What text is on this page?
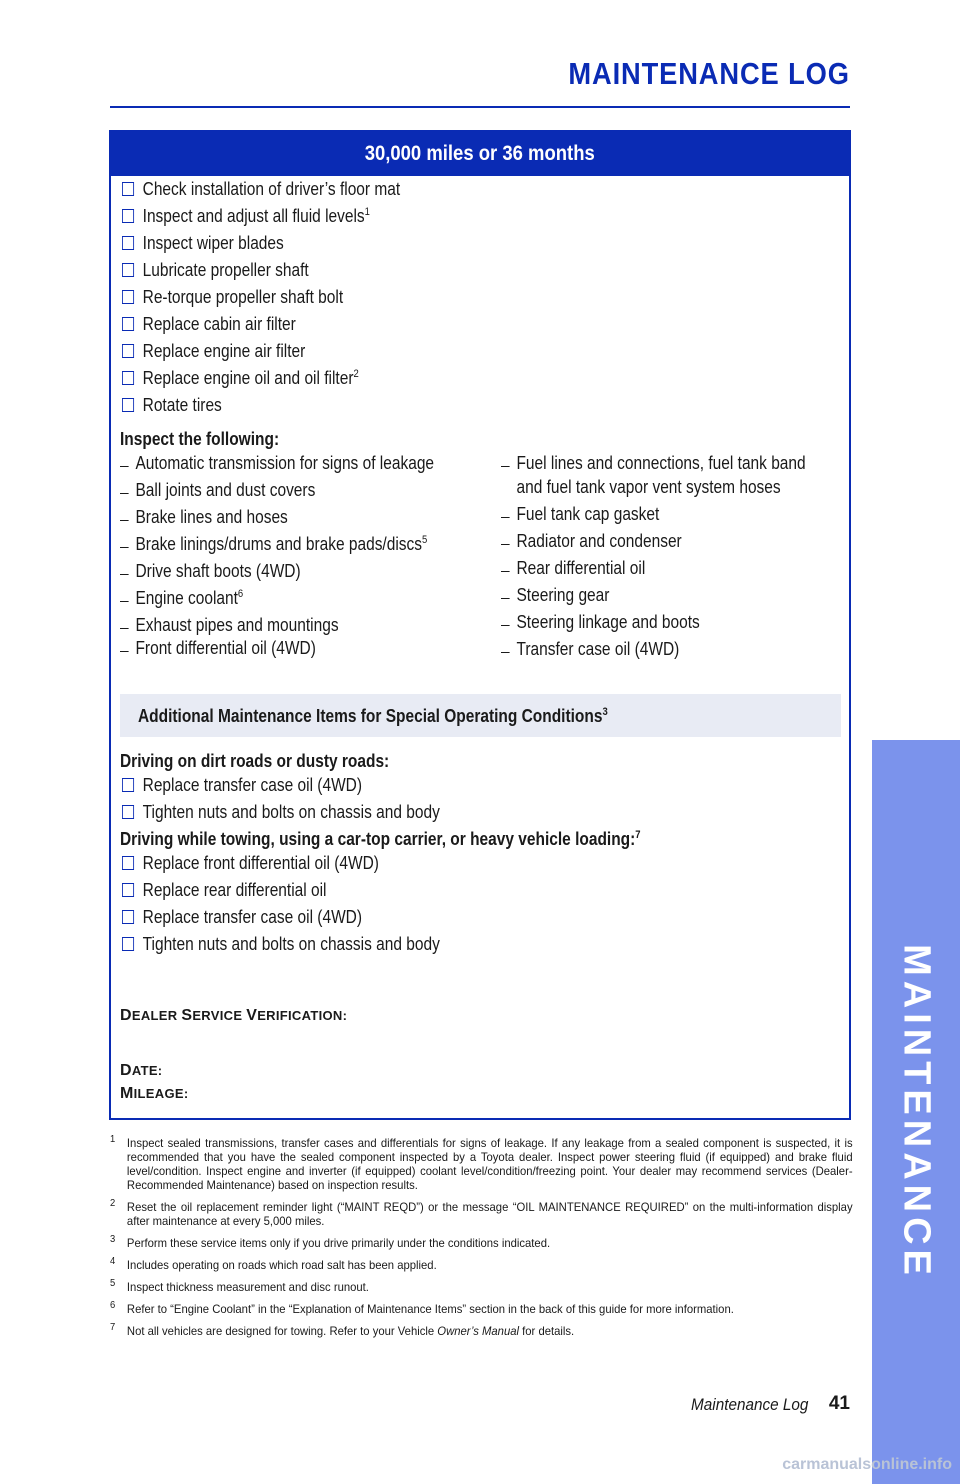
MAINTENANCE LOG
30,000 miles or 36 months
Check installation of driver’s floor mat
Inspect and adjust all fluid levels$^1$
Inspect wiper blades
Lubricate propeller shaft
Re-torque propeller shaft bolt
Replace cabin air filter
Replace engine air filter
Replace engine oil and oil filter$^2$
Rotate tires
Inspect the following:
Automatic transmission for signs of leakage
Ball joints and dust covers
Brake lines and hoses
Brake linings/drums and brake pads/discs$^5$
Drive shaft boots (4WD)
Engine coolant$^6$
Exhaust pipes and mountings
Front differential oil (4WD)
Fuel lines and connections, fuel tank band
and fuel tank vapor vent system hoses
Fuel tank cap gasket
Radiator and condenser
Rear differential oil
Steering gear
Steering linkage and boots
Transfer case oil (4WD)
Additional Maintenance Items for Special Operating Conditions$^3$
Driving on dirt roads or dusty roads:
Replace transfer case oil (4WD)
Tighten nuts and bolts on chassis and body
Driving while towing, using a car-top carrier, or heavy vehicle loading:$^7$
Replace front differential oil (4WD)
Replace rear differential oil
Replace transfer case oil (4WD)
Tighten nuts and bolts on chassis and body
DEALER SERVICE VERIFICATION:
DATE:
MILEAGE:
1 Inspect sealed transmissions, transfer cases and differentials for signs of leakage. If any leakage from a sealed component is suspected, it is recommended that you have the sealed component inspected by a Toyota dealer. Inspect power steering fluid (if equipped) and brake fluid level/condition. Inspect engine and inverter (if equipped) coolant level/condition/freezing point. Your dealer may recommend services (Dealer-Recommended Maintenance) based on inspection results.
2 Reset the oil replacement reminder light (“MAINT REQD”) or the message “OIL MAINTENANCE REQUIRED” on the multi-information display after maintenance at every 5,000 miles.
3 Perform these service items only if you drive primarily under the conditions indicated.
4 Includes operating on roads which road salt has been applied.
5 Inspect thickness measurement and disc runout.
6 Refer to “Engine Coolant” in the “Explanation of Maintenance Items” section in the back of this guide for more information.
7 Not all vehicles are designed for towing. Refer to your Vehicle Owner’s Manual for details.
MAINTENANCE
Maintenance Log 41
carmanualsonline.info
